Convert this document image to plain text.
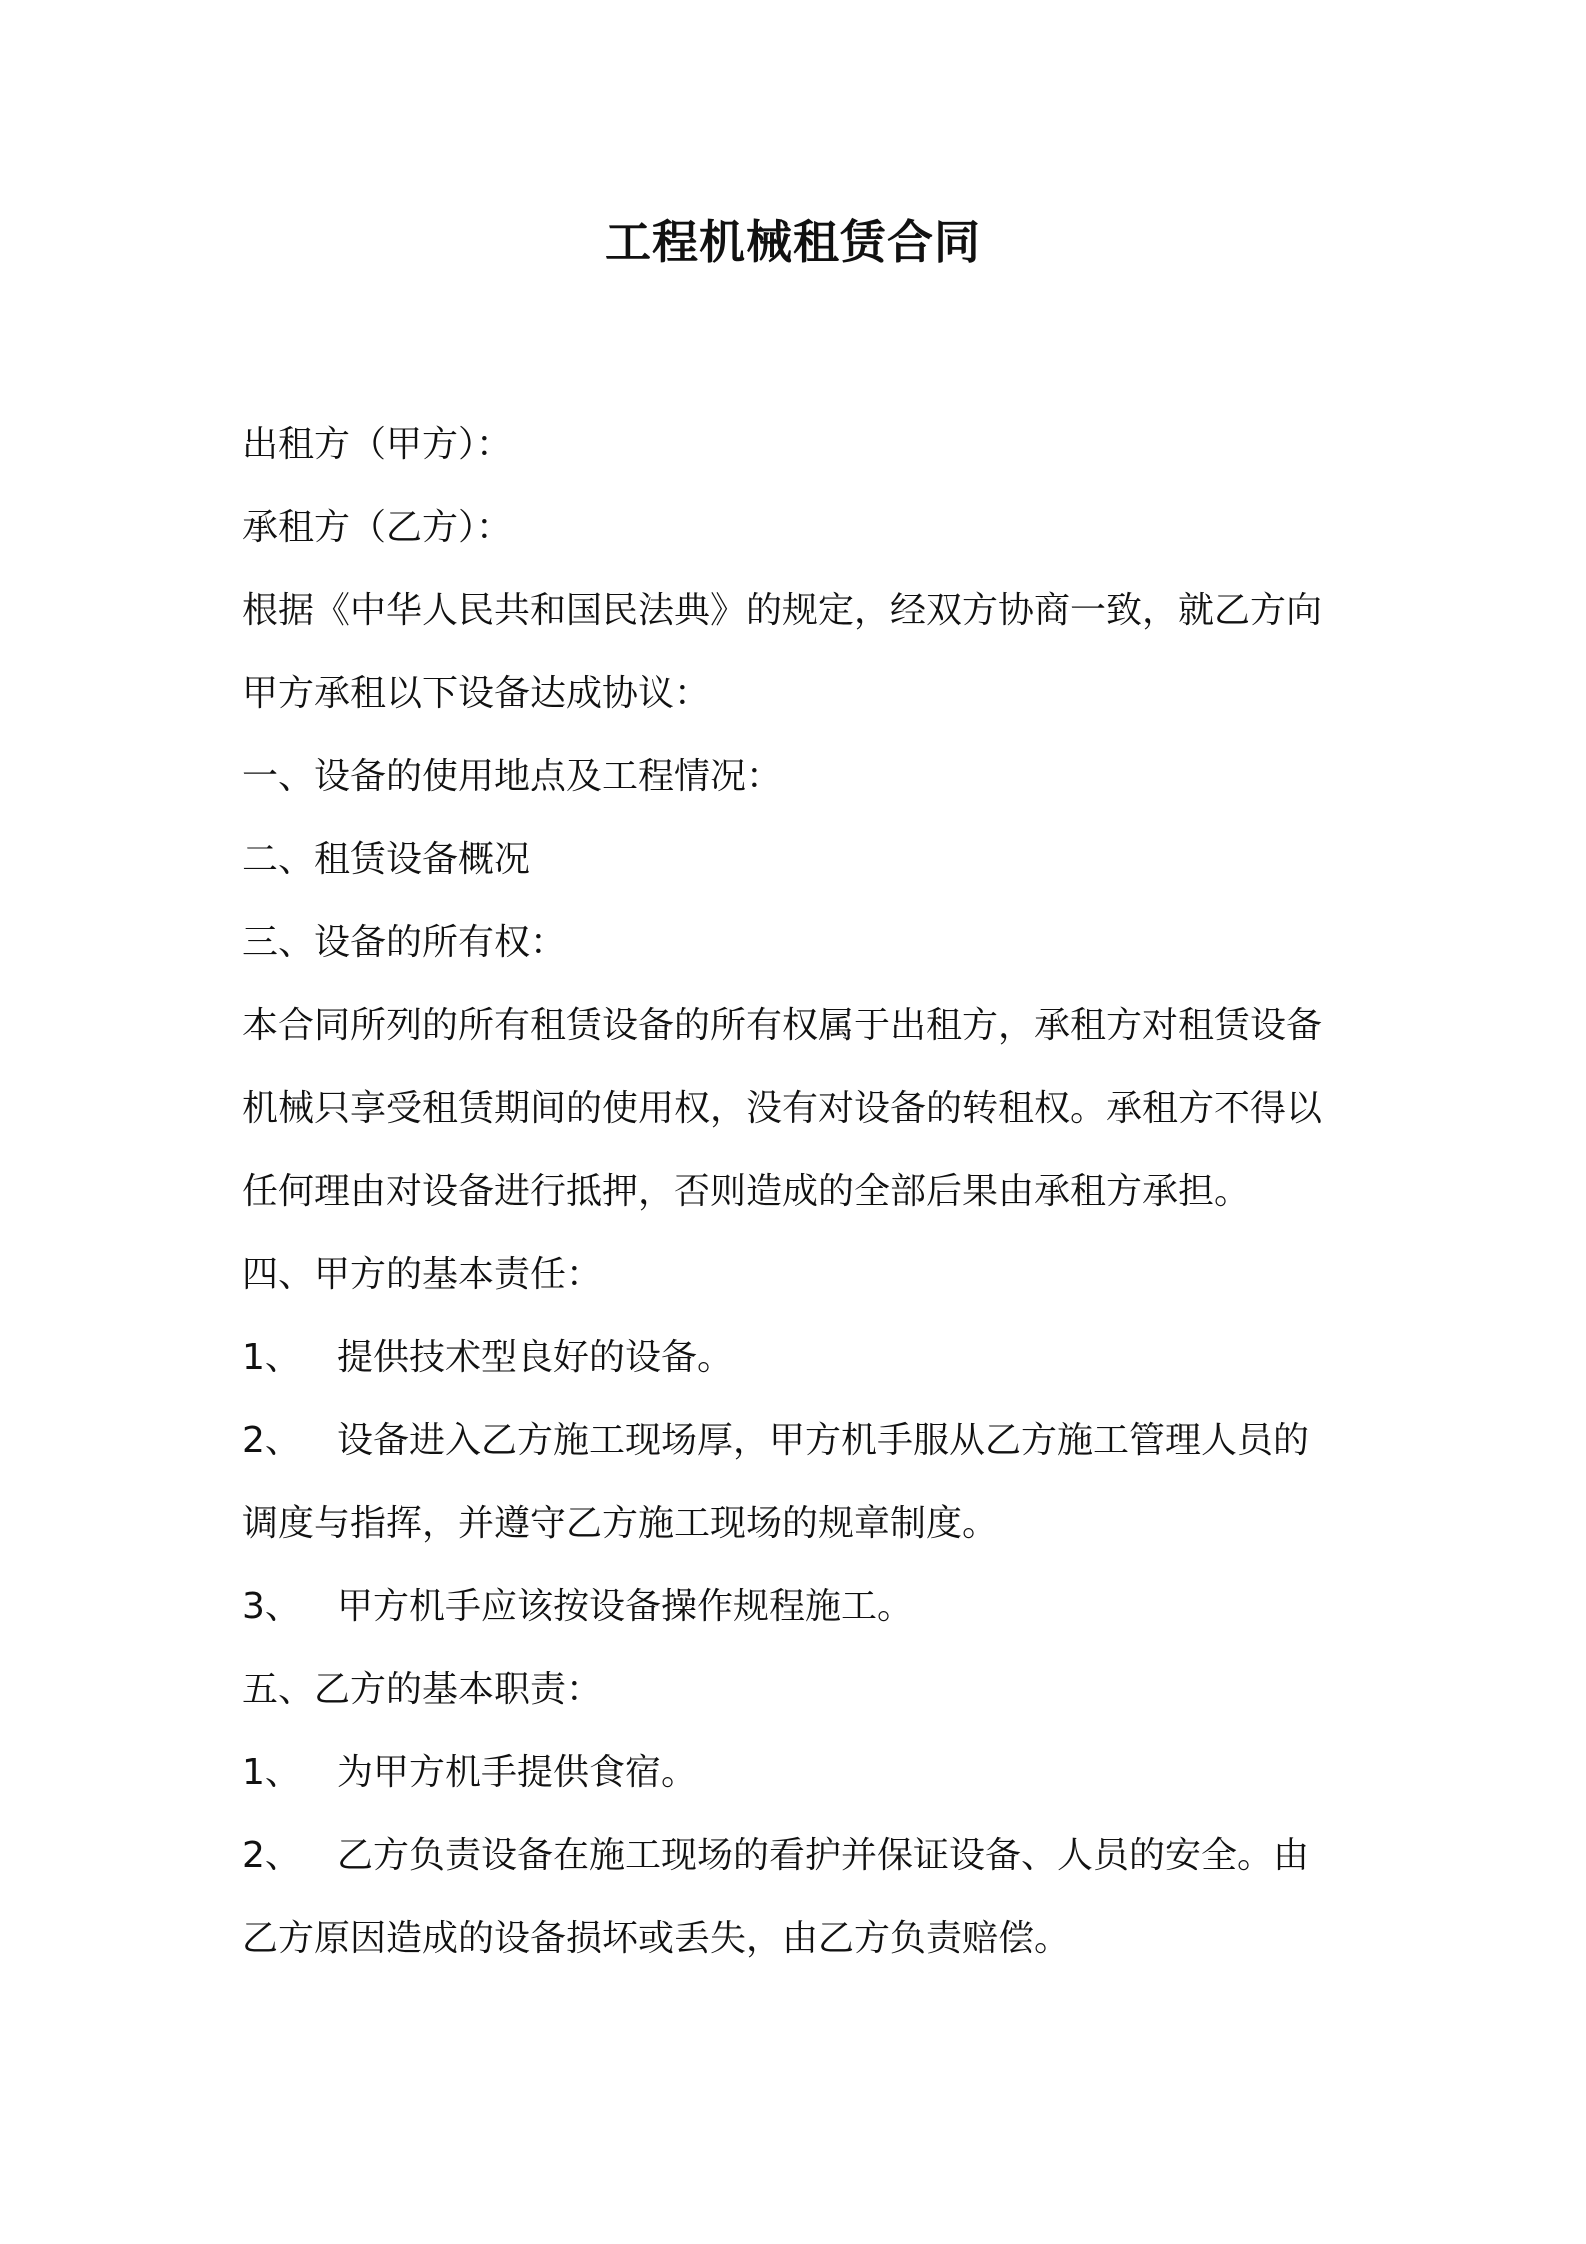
工程机械租赁合同
出租方（甲方）：
承租方（乙方）：
根据《中华人民共和国民法典》的规定，经双方协商一致，就乙方向
甲方承租以下设备达成协议：
一、设备的使用地点及工程情况：
二、租赁设备概况
三、设备的所有权：
本合同所列的所有租赁设备的所有权属于出租方，承租方对租赁设备
机械只享受租赁期间的使用权，没有对设备的转租权。承租方不得以
任何理由对设备进行抵押，否则造成的全部后果由承租方承担。
四、甲方的基本责任：
1、 提供技术型良好的设备。
2、 设备进入乙方施工现场厚，甲方机手服从乙方施工管理人员的
调度与指挥，并遵守乙方施工现场的规章制度。
3、 甲方机手应该按设备操作规程施工。
五、乙方的基本职责：
1、 为甲方机手提供食宿。
2、 乙方负责设备在施工现场的看护并保证设备、人员的安全。由
乙方原因造成的设备损坏或丢失，由乙方负责赔偿。
